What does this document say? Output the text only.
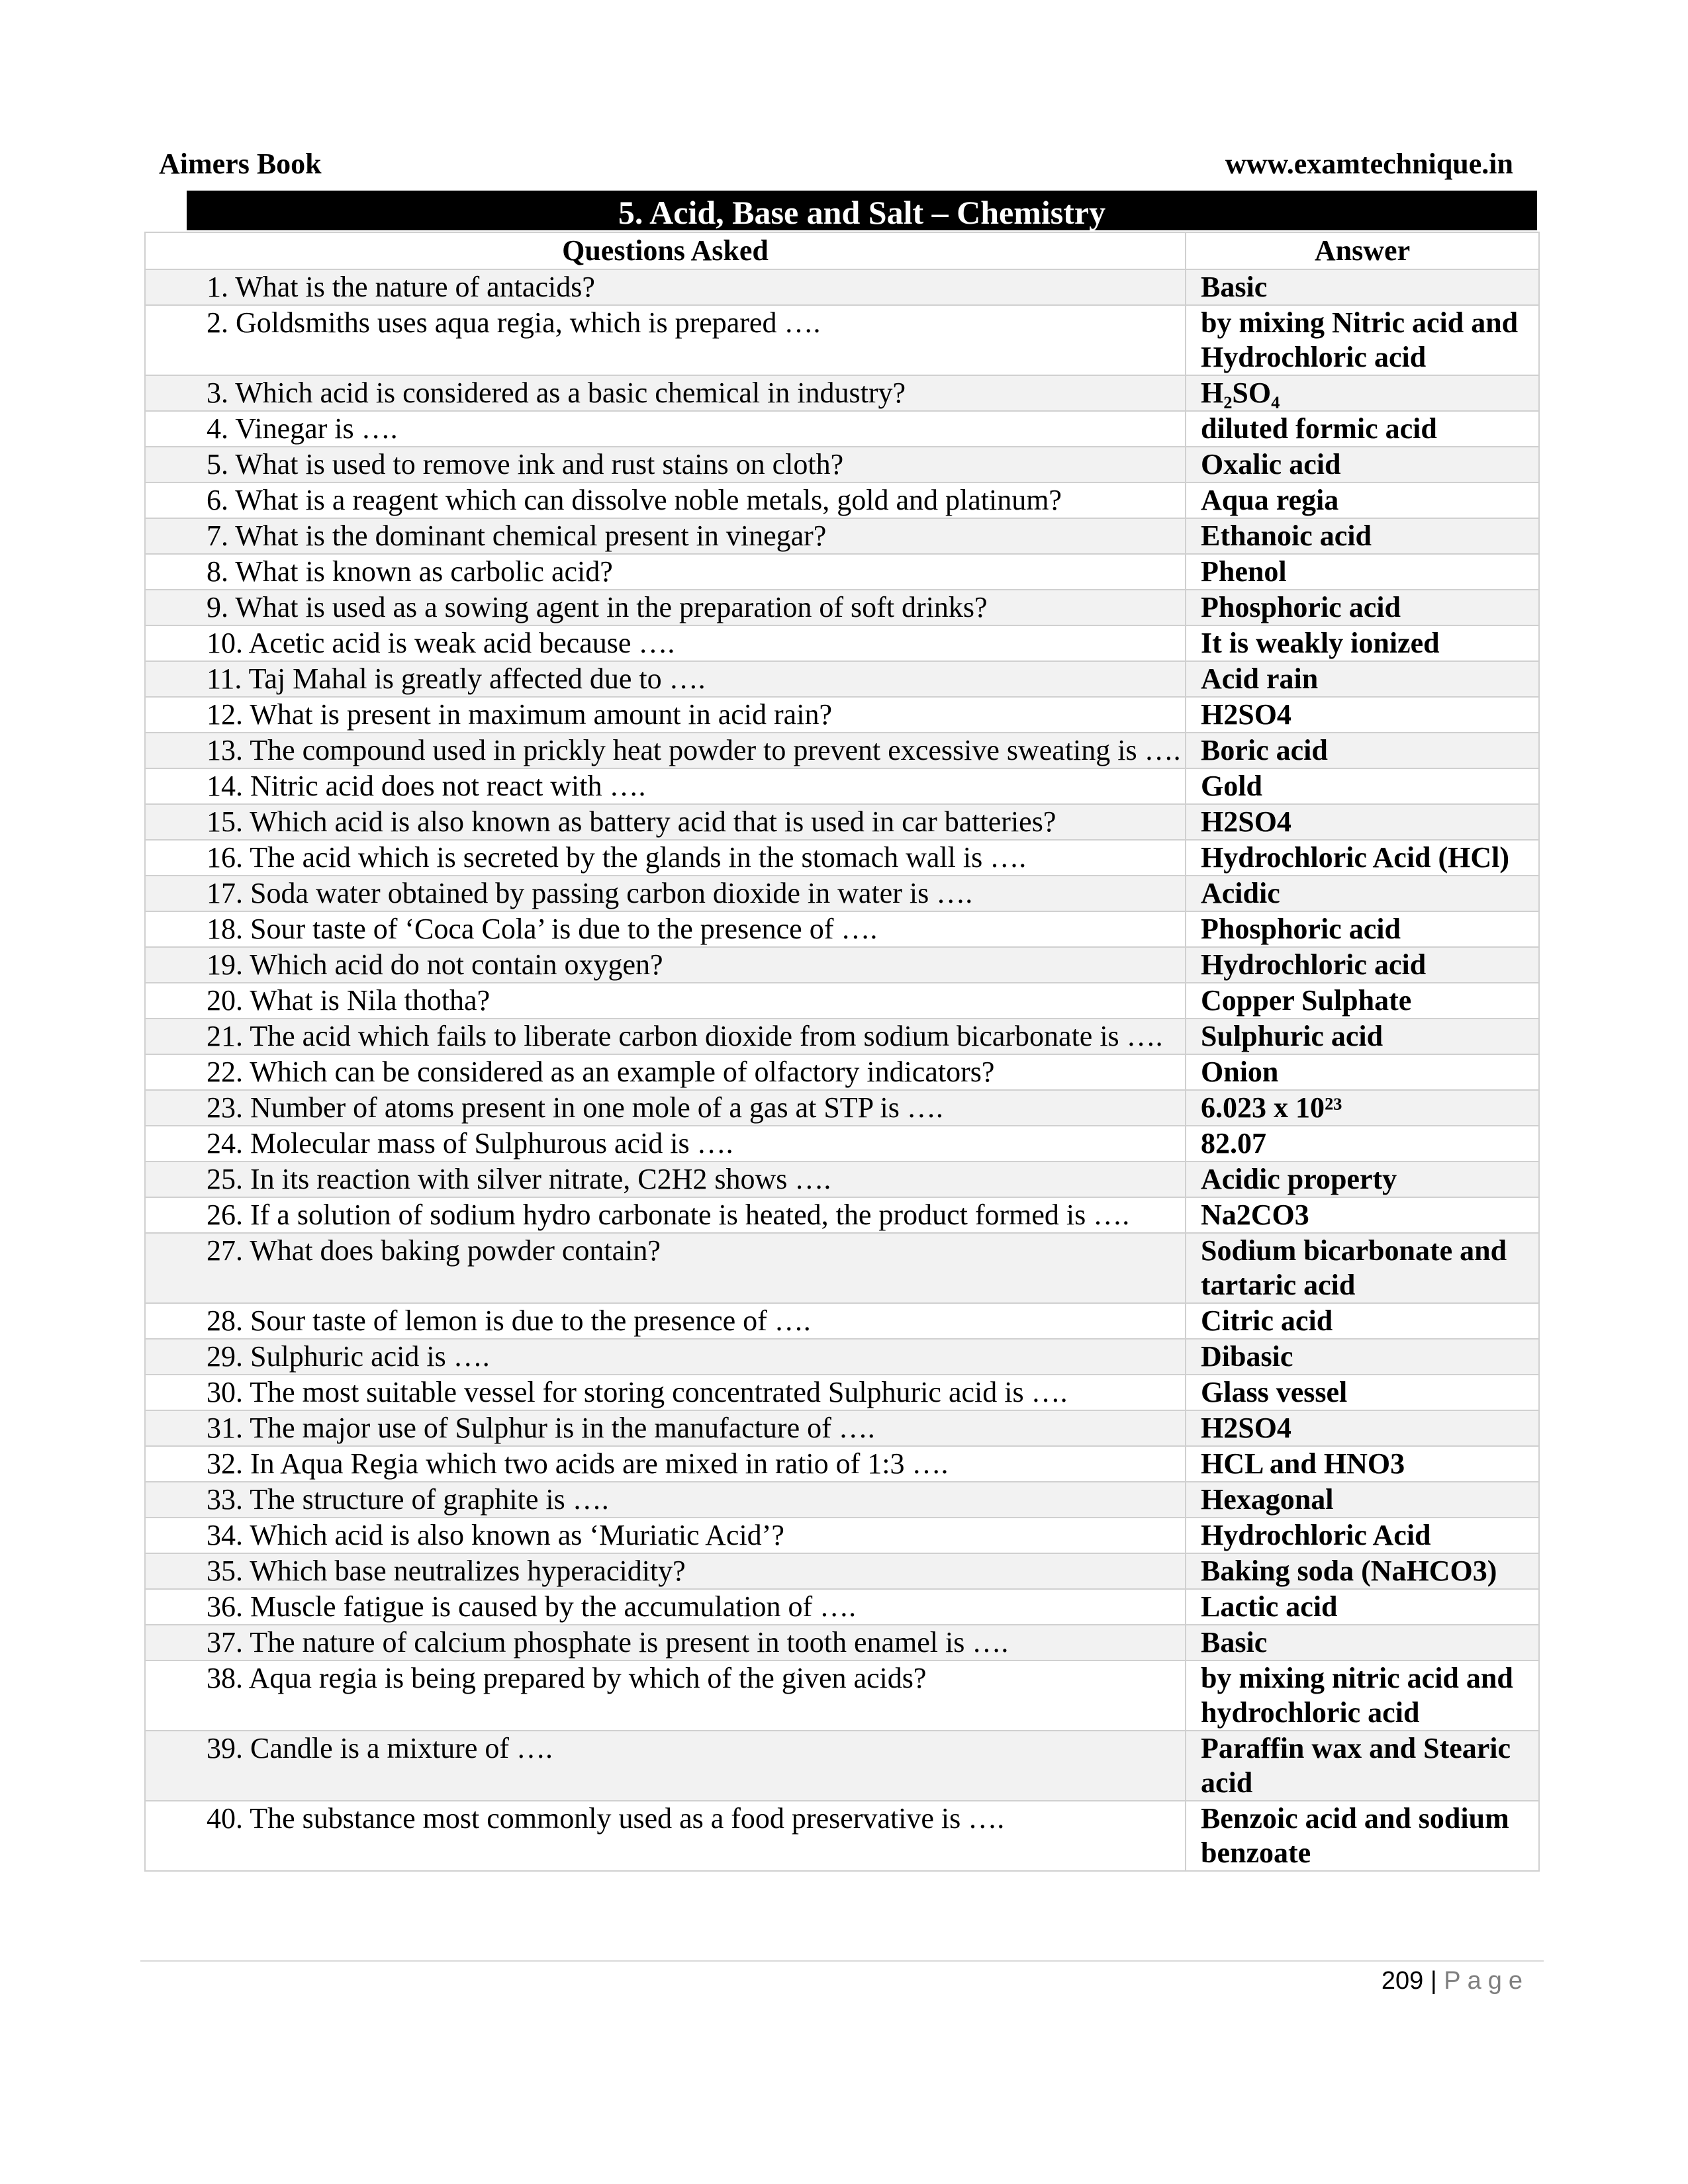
Aimers Book	www.examtechnique.in
5. Acid, Base and Salt – Chemistry
Questions Asked	Answer
1. What is the nature of antacids?	Basic
2. Goldsmiths uses aqua regia, which is prepared ….	by mixing Nitric acid and Hydrochloric acid
3. Which acid is considered as a basic chemical in industry?	H₂SO₄
4. Vinegar is ….	diluted formic acid
5. What is used to remove ink and rust stains on cloth?	Oxalic acid
6. What is a reagent which can dissolve noble metals, gold and platinum?	Aqua regia
7. What is the dominant chemical present in vinegar?	Ethanoic acid
8. What is known as carbolic acid?	Phenol
9. What is used as a sowing agent in the preparation of soft drinks?	Phosphoric acid
10. Acetic acid is weak acid because ….	It is weakly ionized
11. Taj Mahal is greatly affected due to ….	Acid rain
12. What is present in maximum amount in acid rain?	H2SO4
13. The compound used in prickly heat powder to prevent excessive sweating is ….	Boric acid
14. Nitric acid does not react with ….	Gold
15. Which acid is also known as battery acid that is used in car batteries?	H2SO4
16. The acid which is secreted by the glands in the stomach wall is ….	Hydrochloric Acid (HCl)
17. Soda water obtained by passing carbon dioxide in water is ….	Acidic
18. Sour taste of ‘Coca Cola’ is due to the presence of ….	Phosphoric acid
19. Which acid do not contain oxygen?	Hydrochloric acid
20. What is Nila thotha?	Copper Sulphate
21. The acid which fails to liberate carbon dioxide from sodium bicarbonate is ….	Sulphuric acid
22. Which can be considered as an example of olfactory indicators?	Onion
23. Number of atoms present in one mole of a gas at STP is ….	6.023 x 10²³
24. Molecular mass of Sulphurous acid is ….	82.07
25. In its reaction with silver nitrate, C2H2 shows ….	Acidic property
26. If a solution of sodium hydro carbonate is heated, the product formed is ….	Na2CO3
27. What does baking powder contain?	Sodium bicarbonate and tartaric acid
28. Sour taste of lemon is due to the presence of ….	Citric acid
29. Sulphuric acid is ….	Dibasic
30. The most suitable vessel for storing concentrated Sulphuric acid is ….	Glass vessel
31. The major use of Sulphur is in the manufacture of ….	H2SO4
32. In Aqua Regia which two acids are mixed in ratio of 1:3 ….	HCL and HNO3
33. The structure of graphite is ….	Hexagonal
34. Which acid is also known as ‘Muriatic Acid’?	Hydrochloric Acid
35. Which base neutralizes hyperacidity?	Baking soda (NaHCO3)
36. Muscle fatigue is caused by the accumulation of ….	Lactic acid
37. The nature of calcium phosphate is present in tooth enamel is ….	Basic
38. Aqua regia is being prepared by which of the given acids?	by mixing nitric acid and hydrochloric acid
39. Candle is a mixture of ….	Paraffin wax and Stearic acid
40. The substance most commonly used as a food preservative is ….	Benzoic acid and sodium benzoate
209 | Page
